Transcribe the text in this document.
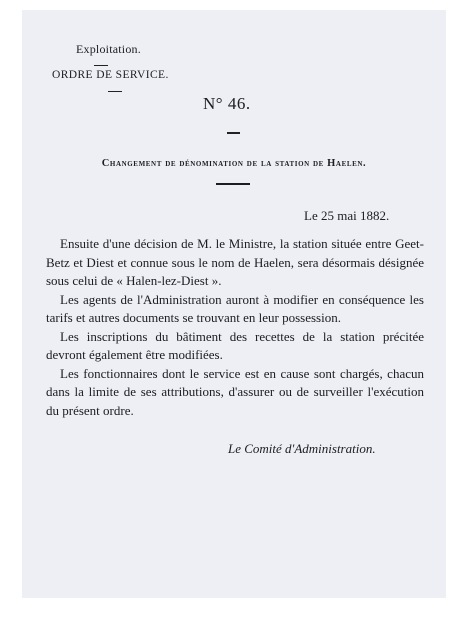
Exploitation.
ORDRE DE SERVICE.
N° 46.
Changement de dénomination de la station de Haelen.
Le 25 mai 1882.

Ensuite d'une décision de M. le Ministre, la station située entre Geet-Betz et Diest et connue sous le nom de Haelen, sera désormais désignée sous celui de « Halen-lez-Diest ».

Les agents de l'Administration auront à modifier en conséquence les tarifs et autres documents se trouvant en leur possession.

Les inscriptions du bâtiment des recettes de la station précitée devront également être modifiées.

Les fonctionnaires dont le service est en cause sont chargés, chacun dans la limite de ses attributions, d'assurer ou de surveiller l'exécution du présent ordre.

Le Comité d'Administration.
